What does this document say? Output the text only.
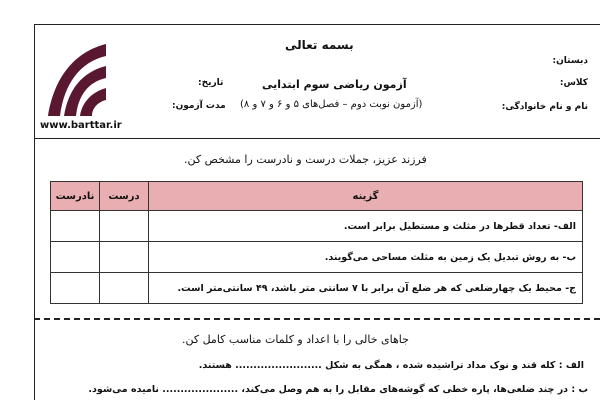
www.barttar.ir
بسمه تعالی
دبستان:
کلاس:
نام و نام خانوادگی:
آزمون ریاضی سوم ابتدایی
(آزمون نوبت دوم – فصل‌های ۵ و ۶ و ۷ و ۸)
تاریخ:
مدت آزمون:
فرزند عزیز، جملات درست و نادرست را مشخص کن.
گزینه	درست	نادرست
الف- تعداد قطرها در مثلث و مستطیل برابر است.		
ب- به روش تبدیل یک زمین به مثلث مساحی می‌گویند.		
ج- محیط یک چهارضلعی که هر ضلع آن برابر با ۷ سانتی متر باشد، ۴۹ سانتی‌متر است.		
جاهای خالی را با اعداد و کلمات مناسب کامل کن.
الف : کله قند و نوک مداد تراشیده شده ، همگی به شکل ........................ هستند.
ب : در چند ضلعی‌ها، پاره خطی که گوشه‌های مقابل را به هم وصل می‌کند، ..................... نامیده می‌شود.
